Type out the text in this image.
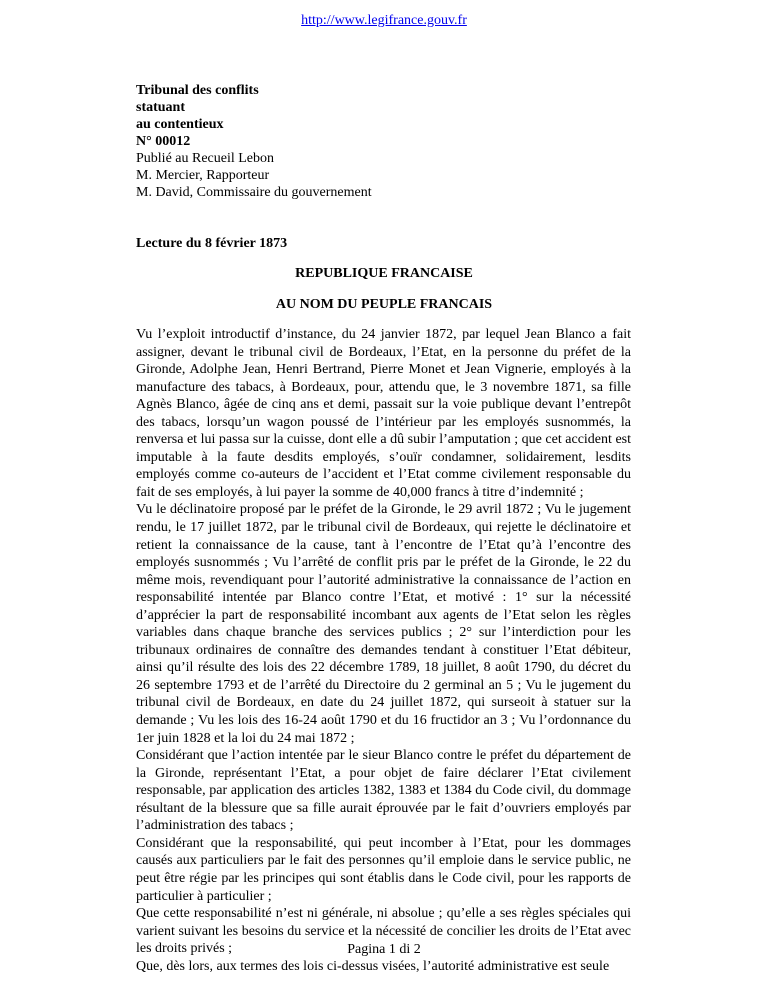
http://www.legifrance.gouv.fr
Tribunal des conflits
statuant
au contentieux
N° 00012
Publié au Recueil Lebon
M. Mercier, Rapporteur
M. David, Commissaire du gouvernement
Lecture du 8 février 1873
REPUBLIQUE FRANCAISE
AU NOM DU PEUPLE FRANCAIS

Vu l’exploit introductif d’instance, du 24 janvier 1872, par lequel Jean Blanco a fait assigner, devant le tribunal civil de Bordeaux, l’Etat, en la personne du préfet de la Gironde, Adolphe Jean, Henri Bertrand, Pierre Monet et Jean Vignerie, employés à la manufacture des tabacs, à Bordeaux, pour, attendu que, le 3 novembre 1871, sa fille Agnès Blanco, âgée de cinq ans et demi, passait sur la voie publique devant l’entrepôt des tabacs, lorsqu’un wagon poussé de l’intérieur par les employés susnommés, la renversa et lui passa sur la cuisse, dont elle a dû subir l’amputation ; que cet accident est imputable à la faute desdits employés, s’ouïr condamner, solidairement, lesdits employés comme co-auteurs de l’accident et l’Etat comme civilement responsable du fait de ses employés, à lui payer la somme de 40,000 francs à titre d’indemnité ;

Vu le déclinatoire proposé par le préfet de la Gironde, le 29 avril 1872 ; Vu le jugement rendu, le 17 juillet 1872, par le tribunal civil de Bordeaux, qui rejette le déclinatoire et retient la connaissance de la cause, tant à l’encontre de l’Etat qu’à l’encontre des employés susnommés ; Vu l’arrêté de conflit pris par le préfet de la Gironde, le 22 du même mois, revendiquant pour l’autorité administrative la connaissance de l’action en responsabilité intentée par Blanco contre l’Etat, et motivé : 1° sur la nécessité d’apprécier la part de responsabilité incombant aux agents de l’Etat selon les règles variables dans chaque branche des services publics ; 2° sur l’interdiction pour les tribunaux ordinaires de connaître des demandes tendant à constituer l’Etat débiteur, ainsi qu’il résulte des lois des 22 décembre 1789, 18 juillet, 8 août 1790, du décret du 26 septembre 1793 et de l’arrêté du Directoire du 2 germinal an 5 ; Vu le jugement du tribunal civil de Bordeaux, en date du 24 juillet 1872, qui surseoit à statuer sur la demande ; Vu les lois des 16-24 août 1790 et du 16 fructidor an 3 ; Vu l’ordonnance du 1er juin 1828 et la loi du 24 mai 1872 ;

Considérant que l’action intentée par le sieur Blanco contre le préfet du département de la Gironde, représentant l’Etat, a pour objet de faire déclarer l’Etat civilement responsable, par application des articles 1382, 1383 et 1384 du Code civil, du dommage résultant de la blessure que sa fille aurait éprouvée par le fait d’ouvriers employés par l’administration des tabacs ;

Considérant que la responsabilité, qui peut incomber à l’Etat, pour les dommages causés aux particuliers par le fait des personnes qu’il emploie dans le service public, ne peut être régie par les principes qui sont établis dans le Code civil, pour les rapports de particulier à particulier ;

Que cette responsabilité n’est ni générale, ni absolue ; qu’elle a ses règles spéciales qui varient suivant les besoins du service et la nécessité de concilier les droits de l’Etat avec les droits privés ;

Que, dès lors, aux termes des lois ci-dessus visées, l’autorité administrative est seule

Pagina 1 di 2
